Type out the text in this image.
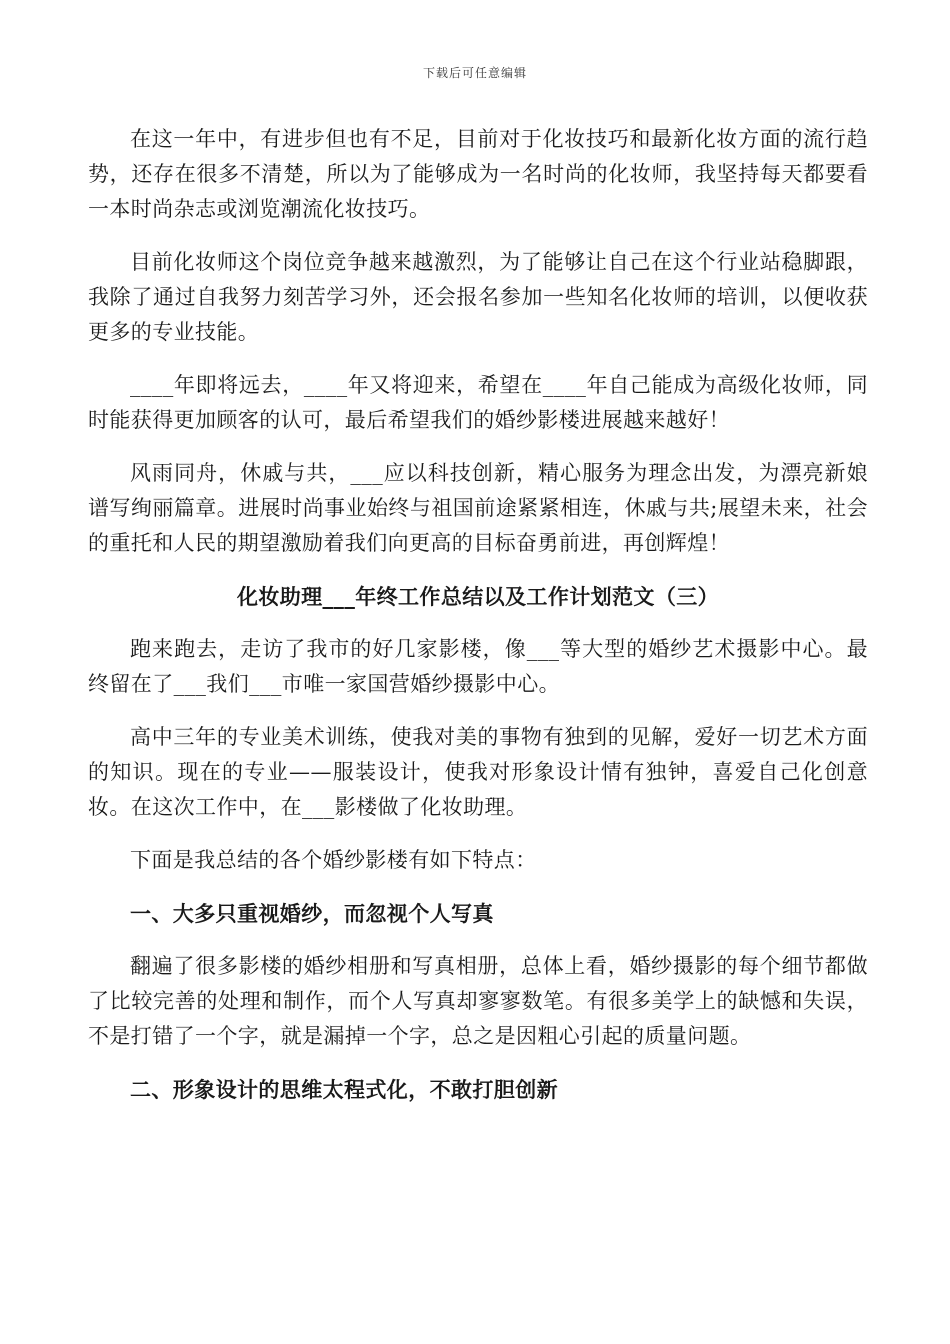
下载后可任意编辑

在这一年中，有进步但也有不足，目前对于化妆技巧和最新化妆方面的流行趋势，还存在很多不清楚，所以为了能够成为一名时尚的化妆师，我坚持每天都要看一本时尚杂志或浏览潮流化妆技巧。

目前化妆师这个岗位竞争越来越激烈，为了能够让自己在这个行业站稳脚跟，我除了通过自我努力刻苦学习外，还会报名参加一些知名化妆师的培训，以便收获更多的专业技能。

____年即将远去，____年又将迎来，希望在____年自己能成为高级化妆师，同时能获得更加顾客的认可，最后希望我们的婚纱影楼进展越来越好！

风雨同舟，休戚与共，___应以科技创新，精心服务为理念出发，为漂亮新娘谱写绚丽篇章。进展时尚事业始终与祖国前途紧紧相连，休戚与共;展望未来，社会的重托和人民的期望激励着我们向更高的目标奋勇前进，再创辉煌！

化妆助理___年终工作总结以及工作计划范文（三）

跑来跑去，走访了我市的好几家影楼，像___等大型的婚纱艺术摄影中心。最终留在了___我们___市唯一家国营婚纱摄影中心。

高中三年的专业美术训练，使我对美的事物有独到的见解，爱好一切艺术方面的知识。现在的专业——服装设计，使我对形象设计情有独钟，喜爱自己化创意妆。在这次工作中，在___影楼做了化妆助理。

下面是我总结的各个婚纱影楼有如下特点：

一、大多只重视婚纱，而忽视个人写真

翻遍了很多影楼的婚纱相册和写真相册，总体上看，婚纱摄影的每个细节都做了比较完善的处理和制作，而个人写真却寥寥数笔。有很多美学上的缺憾和失误，不是打错了一个字，就是漏掉一个字，总之是因粗心引起的质量问题。

二、形象设计的思维太程式化，不敢打胆创新
